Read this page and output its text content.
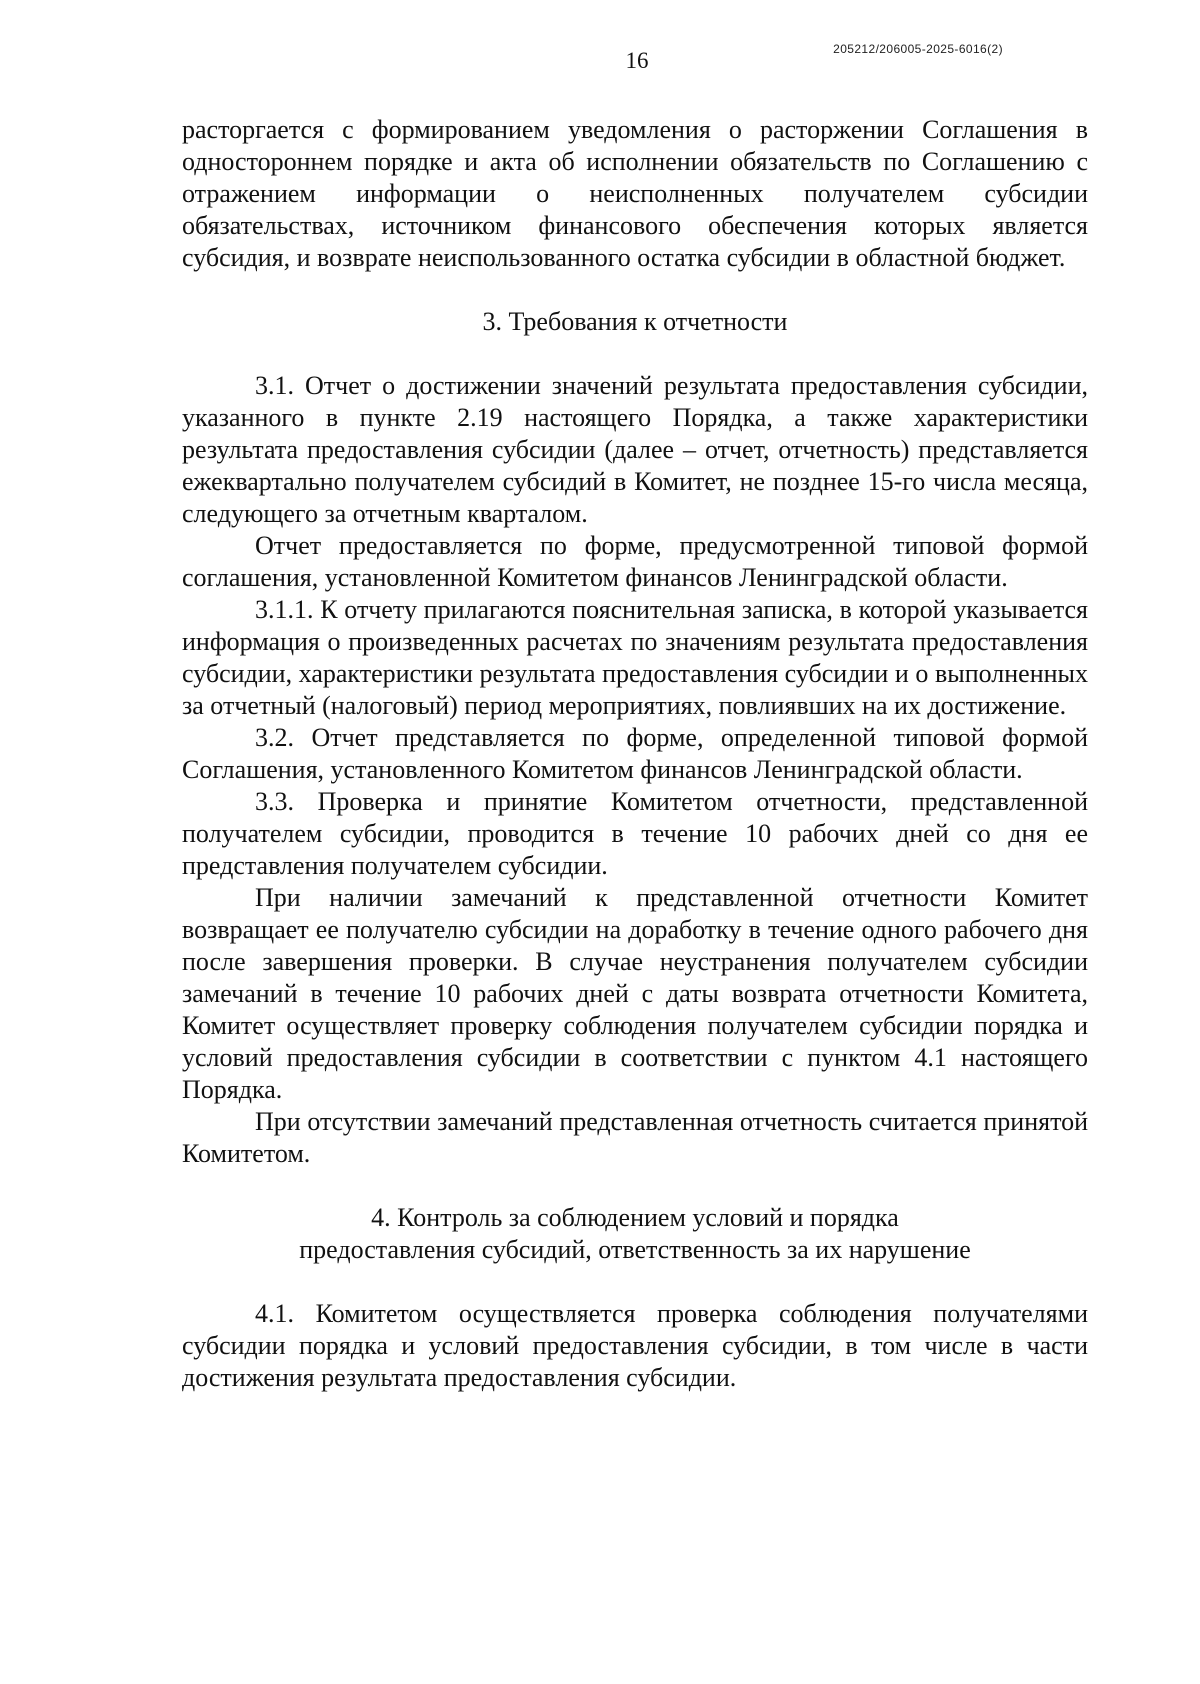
205212/206005-2025-6016(2)
16

расторгается с формированием уведомления о расторжении Соглашения в одностороннем порядке и акта об исполнении обязательств по Соглашению с отражением информации о неисполненных получателем субсидии обязательствах, источником финансового обеспечения которых является субсидия, и возврате неиспользованного остатка субсидии в областной бюджет.

3. Требования к отчетности

3.1. Отчет о достижении значений результата предоставления субсидии, указанного в пункте 2.19 настоящего Порядка, а также характеристики результата предоставления субсидии (далее – отчет, отчетность) представляется ежеквартально получателем субсидий в Комитет, не позднее 15-го числа месяца, следующего за отчетным кварталом.

Отчет предоставляется по форме, предусмотренной типовой формой соглашения, установленной Комитетом финансов Ленинградской области.

3.1.1. К отчету прилагаются пояснительная записка, в которой указывается информация о произведенных расчетах по значениям результата предоставления субсидии, характеристики результата предоставления субсидии и о выполненных за отчетный (налоговый) период мероприятиях, повлиявших на их достижение.

3.2. Отчет представляется по форме, определенной типовой формой Соглашения, установленного Комитетом финансов Ленинградской области.

3.3. Проверка и принятие Комитетом отчетности, представленной получателем субсидии, проводится в течение 10 рабочих дней со дня ее представления получателем субсидии.

При наличии замечаний к представленной отчетности Комитет возвращает ее получателю субсидии на доработку в течение одного рабочего дня после завершения проверки. В случае неустранения получателем субсидии замечаний в течение 10 рабочих дней с даты возврата отчетности Комитета, Комитет осуществляет проверку соблюдения получателем субсидии порядка и условий предоставления субсидии в соответствии с пунктом 4.1 настоящего Порядка.

При отсутствии замечаний представленная отчетность считается принятой Комитетом.

4. Контроль за соблюдением условий и порядка

предоставления субсидий, ответственность за их нарушение

4.1. Комитетом осуществляется проверка соблюдения получателями субсидии порядка и условий предоставления субсидии, в том числе в части достижения результата предоставления субсидии.
